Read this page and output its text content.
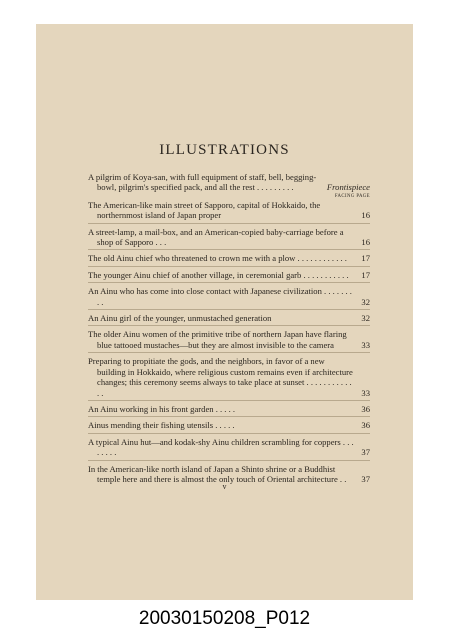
ILLUSTRATIONS
A pilgrim of Koya-san, with full equipment of staff, bell, begging-bowl, pilgrim's specified pack, and all the rest . . . . . . . . .	Frontispiece
FACING PAGE
The American-like main street of Sapporo, capital of Hokkaido, the northernmost island of Japan proper	16
A street-lamp, a mail-box, and an American-copied baby-carriage before a shop of Sapporo . . .	16
The old Ainu chief who threatened to crown me with a plow . . . . . . . . . . . .	17
The younger Ainu chief of another village, in ceremonial garb . . . . . . . . . . .	17
An Ainu who has come into close contact with Japanese civilization . . . . . . . . .	32
An Ainu girl of the younger, unmustached generation	32
The older Ainu women of the primitive tribe of northern Japan have flaring blue tattooed mustaches—but they are almost invisible to the camera	33
Preparing to propitiate the gods, and the neighbors, in favor of a new building in Hokkaido, where religious custom remains even if architecture changes; this ceremony seems always to take place at sunset . . . . . . . . . . . . .	33
An Ainu working in his front garden . . . . .	36
Ainus mending their fishing utensils . . . . .	36
A typical Ainu hut—and kodak-shy Ainu children scrambling for coppers . . . . . . . .	37
In the American-like north island of Japan a Shinto shrine or a Buddhist temple here and there is almost the only touch of Oriental architecture . .	37
v
20030150208_P012
